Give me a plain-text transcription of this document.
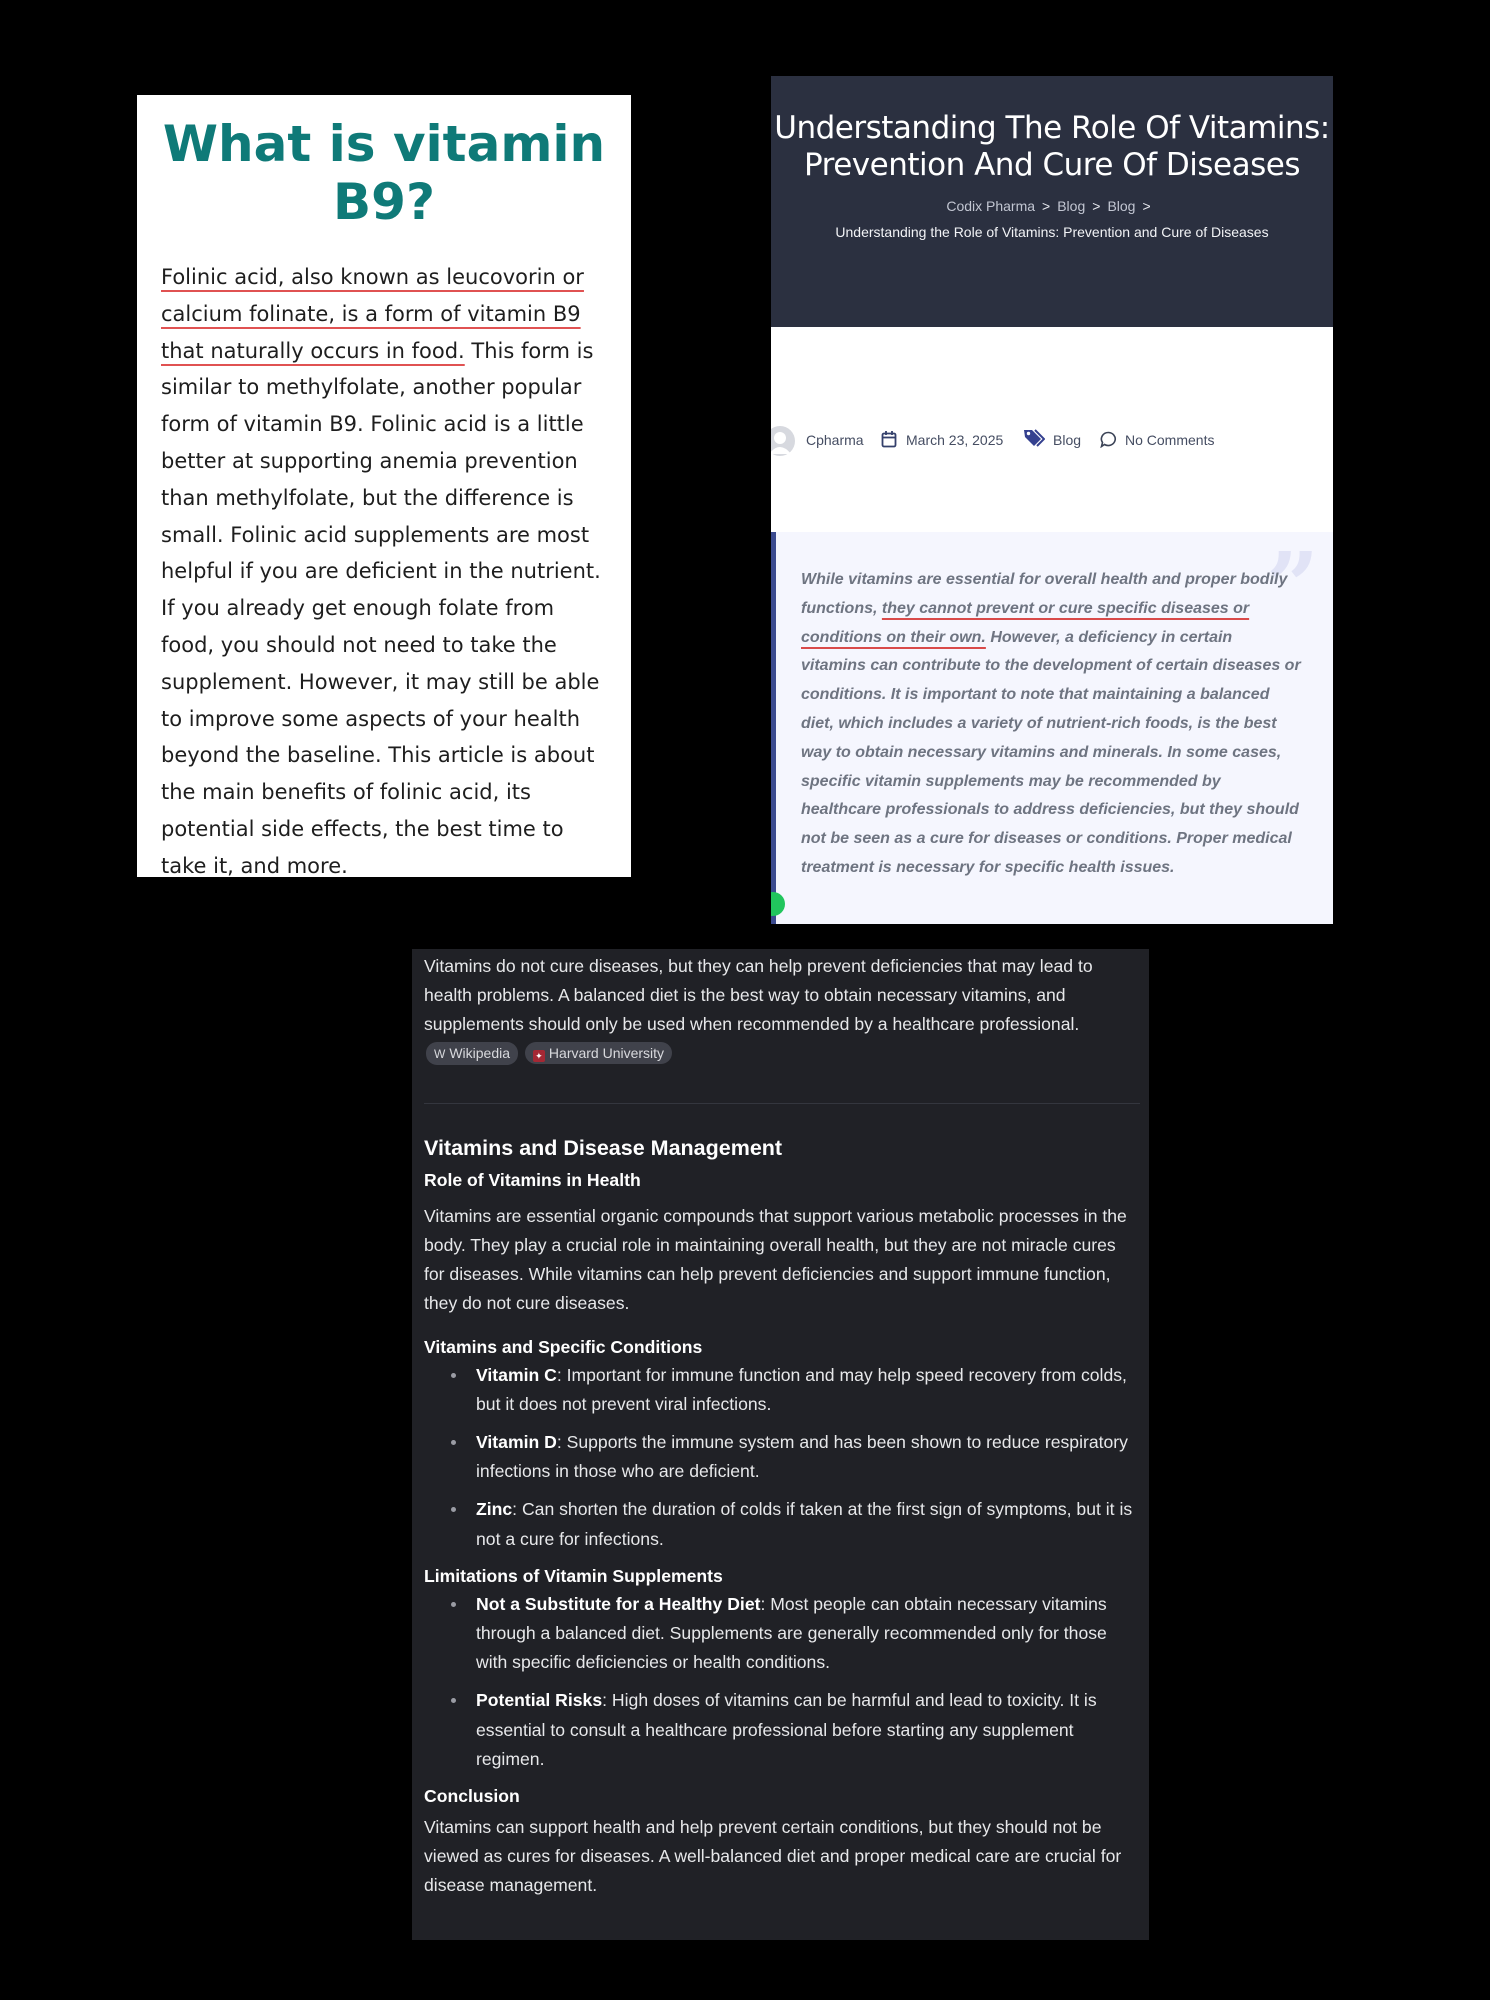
What is vitamin B9?
Folinic acid, also known as leucovorin or calcium folinate, is a form of vitamin B9 that naturally occurs in food. This form is similar to methylfolate, another popular form of vitamin B9. Folinic acid is a little better at supporting anemia prevention than methylfolate, but the difference is small. Folinic acid supplements are most helpful if you are deficient in the nutrient. If you already get enough folate from food, you should not need to take the supplement. However, it may still be able to improve some aspects of your health beyond the baseline. This article is about the main benefits of folinic acid, its potential side effects, the best time to take it, and more.
Understanding The Role Of Vitamins:
Prevention And Cure Of Diseases
Codix Pharma > Blog > Blog >
Understanding the Role of Vitamins: Prevention and Cure of Diseases
Cpharma	March 23, 2025	Blog	No Comments
”
While vitamins are essential for overall health and proper bodily functions, they cannot prevent or cure specific diseases or conditions on their own. However, a deficiency in certain vitamins can contribute to the development of certain diseases or conditions. It is important to note that maintaining a balanced diet, which includes a variety of nutrient-rich foods, is the best way to obtain necessary vitamins and minerals. In some cases, specific vitamin supplements may be recommended by healthcare professionals to address deficiencies, but they should not be seen as a cure for diseases or conditions. Proper medical treatment is necessary for specific health issues.

Vitamins do not cure diseases, but they can help prevent deficiencies that may lead to health problems. A balanced diet is the best way to obtain necessary vitamins, and supplements should only be used when recommended by a healthcare professional. W Wikipedia	✦ Harvard University

Vitamins and Disease Management
Role of Vitamins in Health

Vitamins are essential organic compounds that support various metabolic processes in the body. They play a crucial role in maintaining overall health, but they are not miracle cures for diseases. While vitamins can help prevent deficiencies and support immune function, they do not cure diseases.

Vitamins and Specific Conditions
Vitamin C: Important for immune function and may help speed recovery from colds, but it does not prevent viral infections.
Vitamin D: Supports the immune system and has been shown to reduce respiratory infections in those who are deficient.
Zinc: Can shorten the duration of colds if taken at the first sign of symptoms, but it is not a cure for infections.
Limitations of Vitamin Supplements
Not a Substitute for a Healthy Diet: Most people can obtain necessary vitamins through a balanced diet. Supplements are generally recommended only for those with specific deficiencies or health conditions.
Potential Risks: High doses of vitamins can be harmful and lead to toxicity. It is essential to consult a healthcare professional before starting any supplement regimen.
Conclusion

Vitamins can support health and help prevent certain conditions, but they should not be viewed as cures for diseases. A well-balanced diet and proper medical care are crucial for disease management.
